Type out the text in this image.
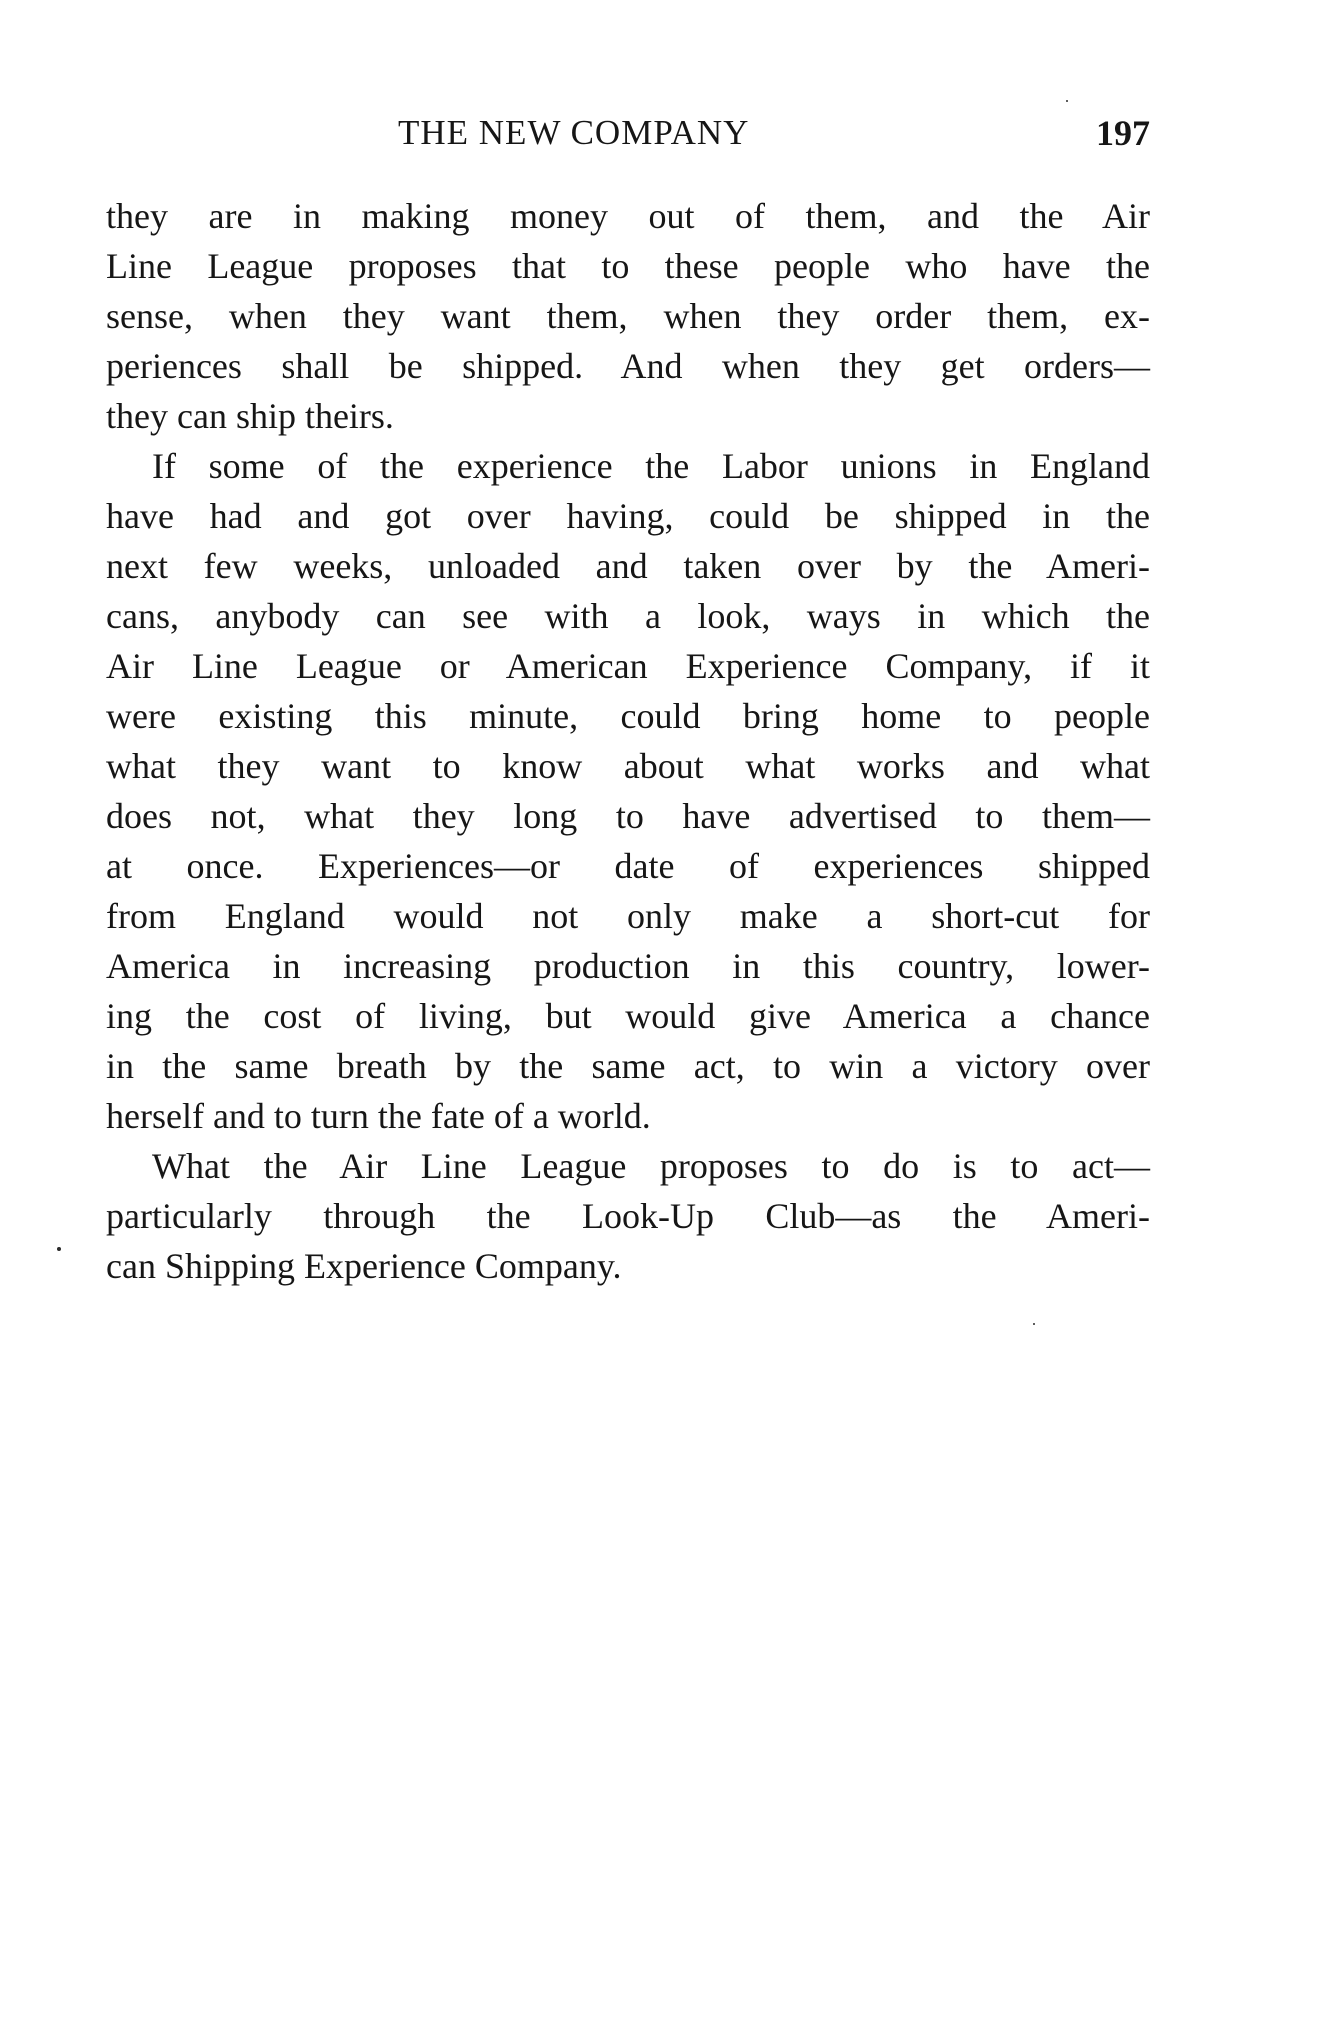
THE NEW COMPANY	197

they are in making money out of them, and the Air
Line League proposes that to these people who have the
sense, when they want them, when they order them, ex-
periences shall be shipped. And when they get orders—
they can ship theirs.

If some of the experience the Labor unions in England
have had and got over having, could be shipped in the
next few weeks, unloaded and taken over by the Ameri-
cans, anybody can see with a look, ways in which the
Air Line League or American Experience Company, if it
were existing this minute, could bring home to people
what they want to know about what works and what
does not, what they long to have advertised to them—
at once. Experiences—or date of experiences shipped
from England would not only make a short-cut for
America in increasing production in this country, lower-
ing the cost of living, but would give America a chance
in the same breath by the same act, to win a victory over
herself and to turn the fate of a world.

What the Air Line League proposes to do is to act—
particularly through the Look-Up Club—as the Ameri-
can Shipping Experience Company.
